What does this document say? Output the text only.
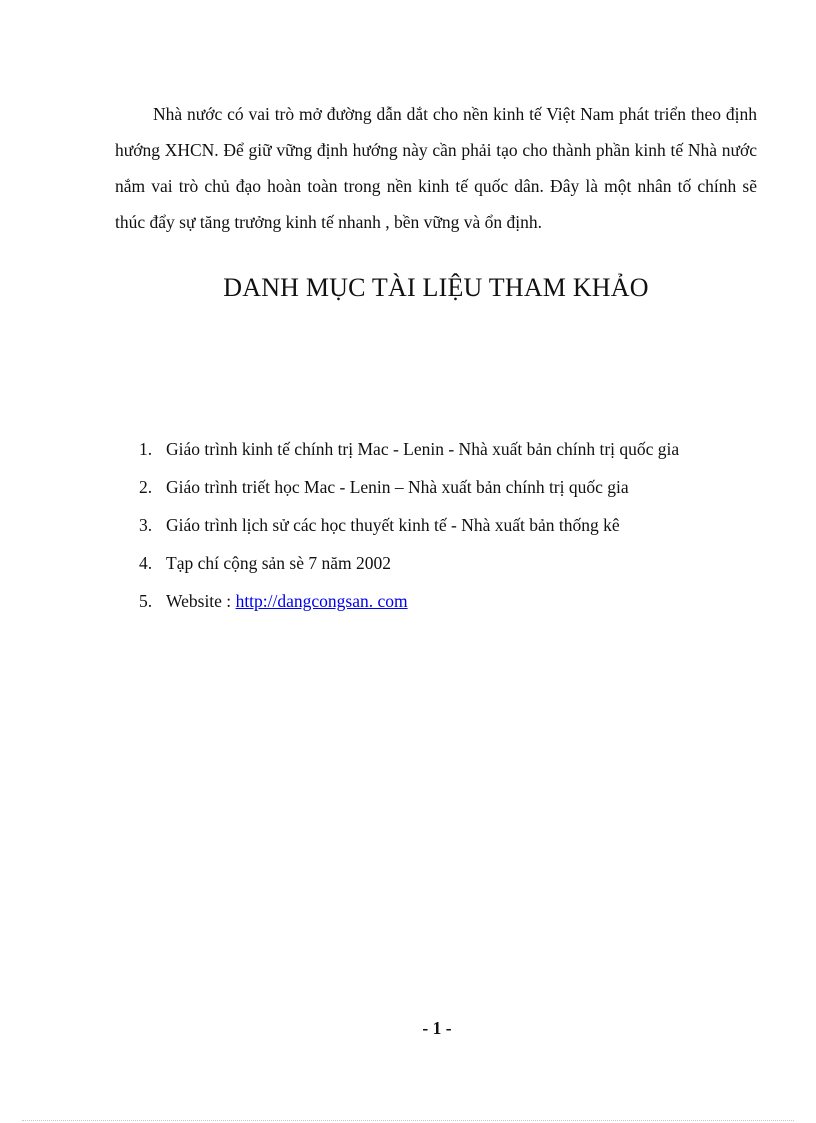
Nhà nước có vai trò mở đường dẫn dắt cho nền kinh tế Việt Nam phát triển theo định hướng XHCN. Để giữ vững định hướng này cần phải tạo cho thành phần kinh tế Nhà nước nắm vai trò chủ đạo hoàn toàn trong nền kinh tế quốc dân. Đây là một nhân tố chính sẽ thúc đẩy sự tăng trưởng kinh tế nhanh , bền vững và ổn định.

DANH MỤC TÀI LIỆU THAM KHẢO
1. Giáo trình kinh tế chính trị Mac - Lenin - Nhà xuất bản chính trị quốc gia
2. Giáo trình triết học Mac - Lenin – Nhà xuất bản chính trị quốc gia
3. Giáo trình lịch sử các học thuyết kinh tế - Nhà xuất bản thống kê
4. Tạp chí cộng sản sè 7 năm 2002
5. Website : http://dangcongsan. com

- 1 -
